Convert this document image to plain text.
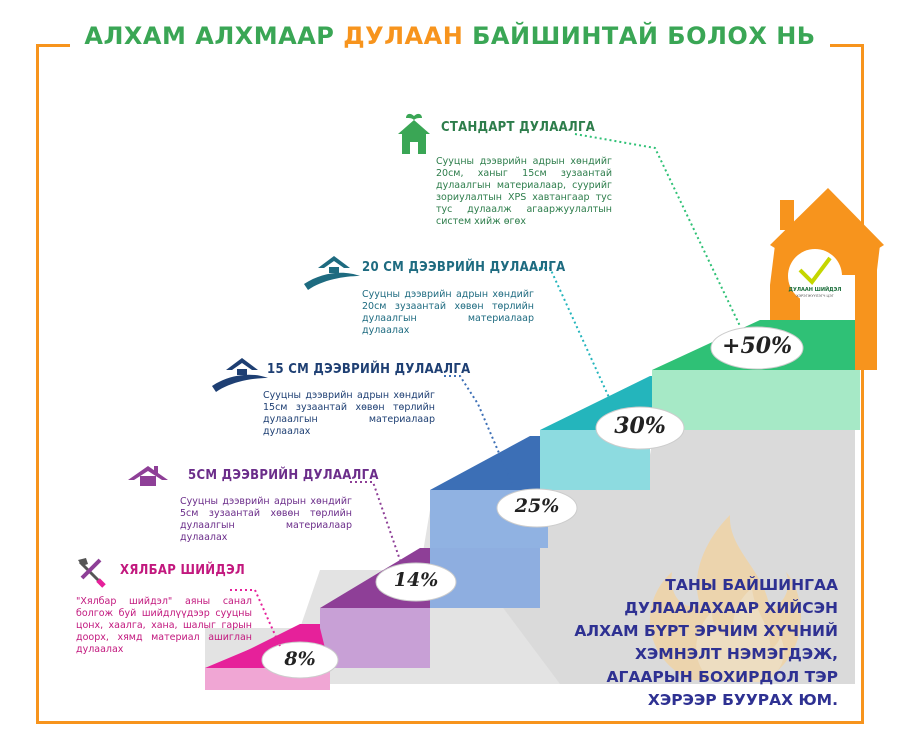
АЛХАМ АЛХМААР ДУЛААН БАЙШИНТАЙ БОЛОХ НЬ
ДУЛААН ШИЙДЭЛ
ХЭРЭГЖҮҮЛЭГЧ ЦЭГ
8%
14%
25%
30%
+50%
ХЯЛБАР ШИЙДЭЛ
"Хялбар шийдэл" аяны санал болгож буй шийдлүүдээр сууцны цонх, хаалга, хана, шалыг гарын доорх, хямд материал ашиглан дулаалах
5СМ ДЭЭВРИЙН ДУЛААЛГА
Сууцны дээврийн адрын хөндийг 5см зузаантай хөвөн төрлийн дулаалгын материалаар дулаалах
15 СМ ДЭЭВРИЙН ДУЛААЛГА
Сууцны дээврийн адрын хөндийг 15см зузаантай хөвөн төрлийн дулаалгын материалаар дулаалах
20 СМ ДЭЭВРИЙН ДУЛААЛГА
Сууцны дээврийн адрын хөндийг 20см зузаантай хөвөн төрлийн дулаалгын материалаар дулаалах
СТАНДАРТ ДУЛААЛГА
Сууцны дээврийн адрын хөндийг 20см, ханыг 15см зузаантай дулаалгын материалаар, суурийг зориулалтын XPS хавтангаар тус тус дулаалж агааржуулалтын систем хийж өгөх
ТАНЫ БАЙШИНГАА ДУЛААЛАХААР ХИЙСЭН АЛХАМ БҮРТ ЭРЧИМ ХҮЧНИЙ ХЭМНЭЛТ НЭМЭГДЭЖ, АГААРЫН БОХИРДОЛ ТЭР ХЭРЭЭР БУУРАХ ЮМ.
